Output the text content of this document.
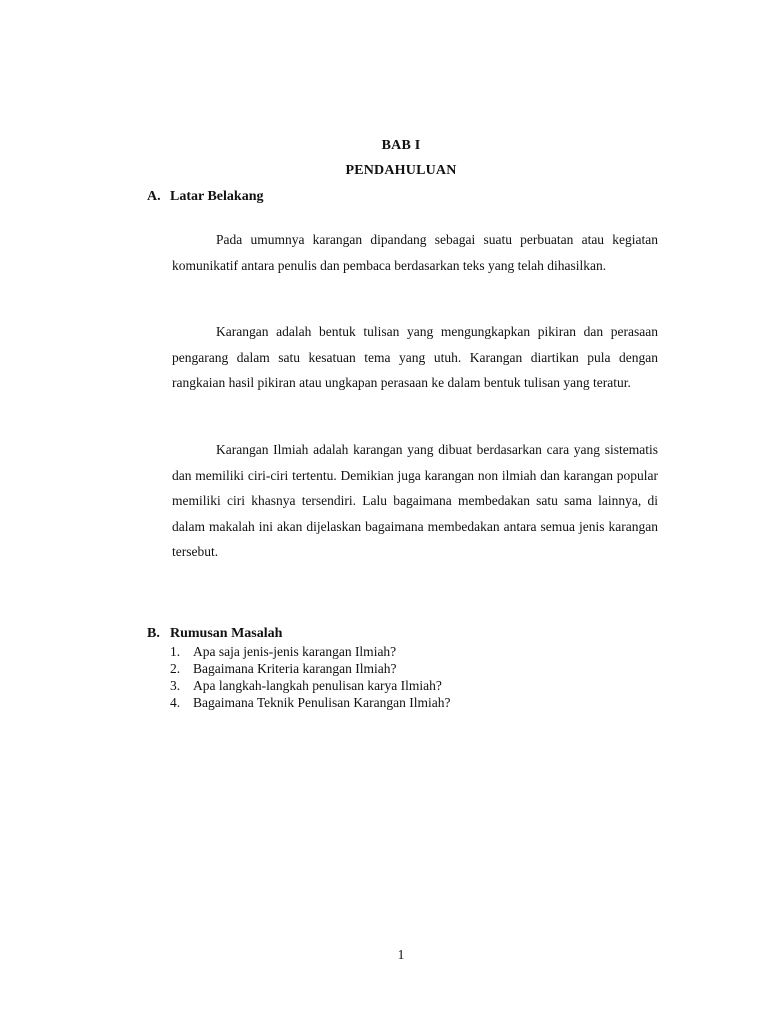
BAB I
PENDAHULUAN
A. Latar Belakang

Pada umumnya karangan dipandang sebagai suatu perbuatan atau kegiatan komunikatif antara penulis dan pembaca berdasarkan teks yang telah dihasilkan.

Karangan adalah bentuk tulisan yang mengungkapkan pikiran dan perasaan pengarang dalam satu kesatuan tema yang utuh. Karangan diartikan pula dengan rangkaian hasil pikiran atau ungkapan perasaan ke dalam bentuk tulisan yang teratur.

Karangan Ilmiah adalah karangan yang dibuat berdasarkan cara yang sistematis dan memiliki ciri-ciri tertentu. Demikian juga karangan non ilmiah dan karangan popular memiliki ciri khasnya tersendiri. Lalu bagaimana membedakan satu sama lainnya, di dalam makalah ini akan dijelaskan bagaimana membedakan antara semua jenis karangan tersebut.

B. Rumusan Masalah
1. Apa saja jenis-jenis karangan Ilmiah?
2. Bagaimana Kriteria karangan Ilmiah?
3. Apa langkah-langkah penulisan karya Ilmiah?
4. Bagaimana Teknik Penulisan Karangan Ilmiah?
1
